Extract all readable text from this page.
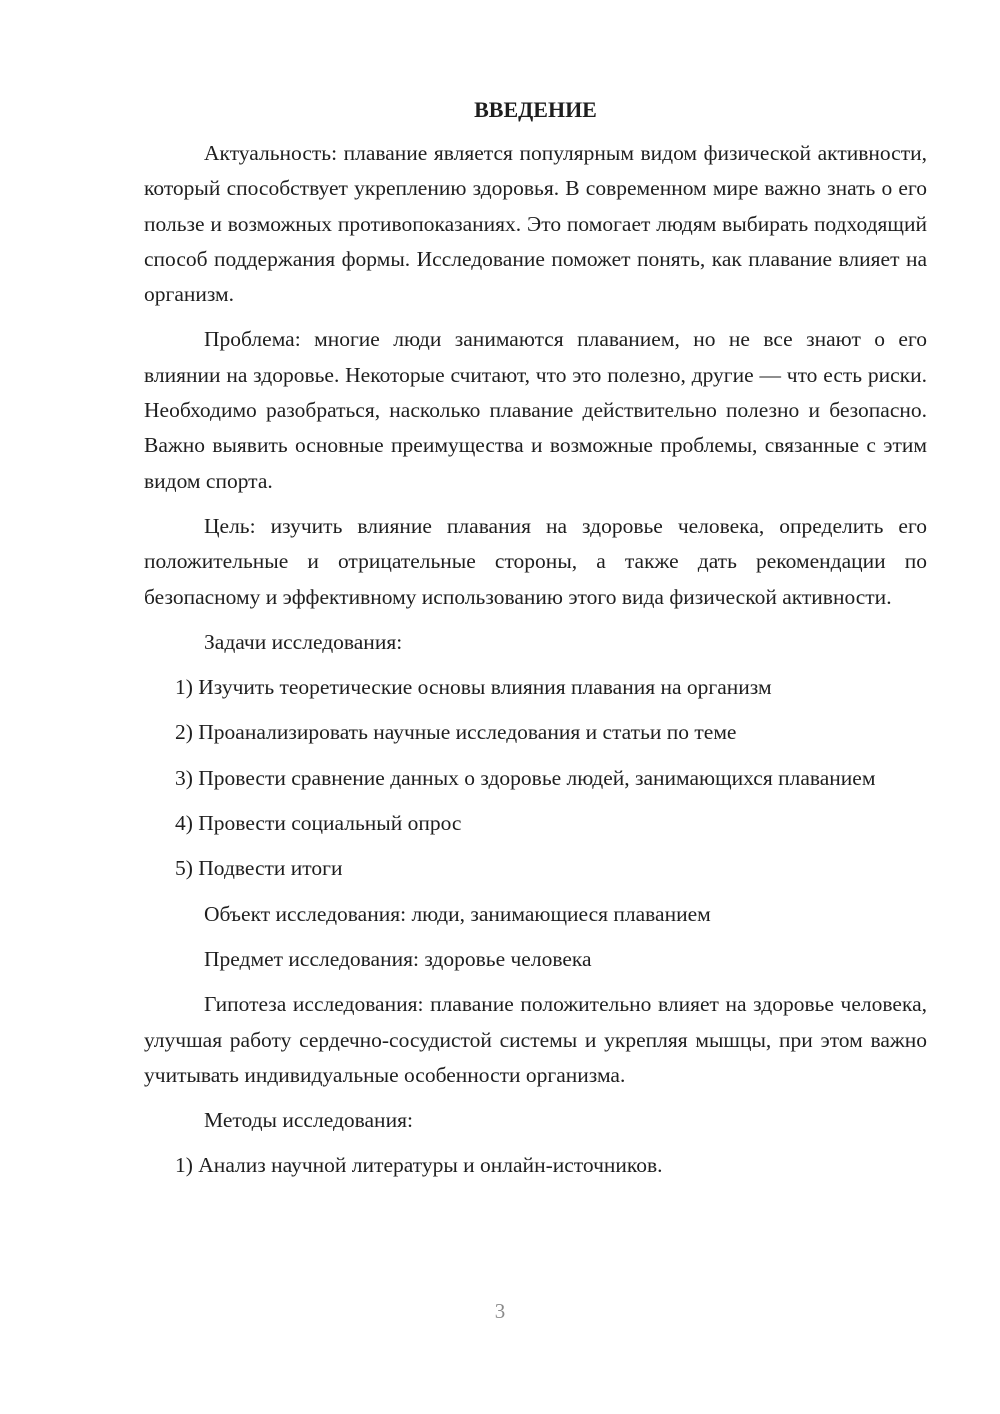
ВВЕДЕНИЕ

Актуальность: плавание является популярным видом физической активности, который способствует укреплению здоровья. В современном мире важно знать о его пользе и возможных противопоказаниях. Это помогает людям выбирать подходящий способ поддержания формы. Исследование поможет понять, как плавание влияет на организм.

Проблема: многие люди занимаются плаванием, но не все знают о его влиянии на здоровье. Некоторые считают, что это полезно, другие — что есть риски. Необходимо разобраться, насколько плавание действительно полезно и безопасно. Важно выявить основные преимущества и возможные проблемы, связанные с этим видом спорта.

Цель: изучить влияние плавания на здоровье человека, определить его положительные и отрицательные стороны, а также дать рекомендации по безопасному и эффективному использованию этого вида физической активности.

Задачи исследования:

1) Изучить теоретические основы влияния плавания на организм

2) Проанализировать научные исследования и статьи по теме

3) Провести сравнение данных о здоровье людей, занимающихся плаванием

4) Провести социальный опрос

5) Подвести итоги

Объект исследования: люди, занимающиеся плаванием

Предмет исследования: здоровье человека

Гипотеза исследования: плавание положительно влияет на здоровье человека, улучшая работу сердечно-сосудистой системы и укрепляя мышцы, при этом важно учитывать индивидуальные особенности организма.

Методы исследования:

1) Анализ научной литературы и онлайн-источников.

3
